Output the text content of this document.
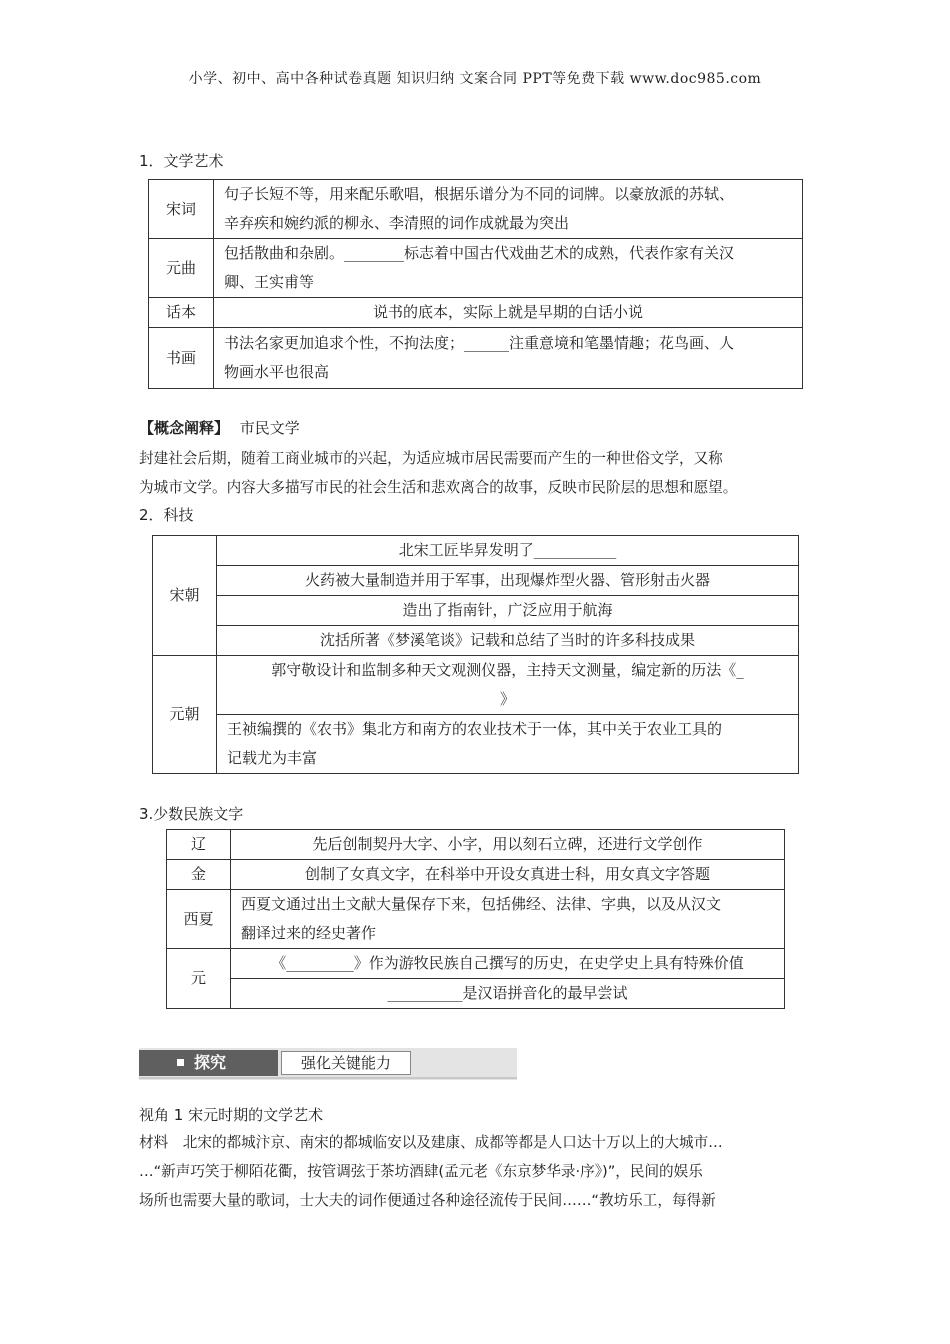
小学、初中、高中各种试卷真题 知识归纳 文案合同 PPT等免费下载 www.doc985.com
1．文学艺术
宋词	句子长短不等，用来配乐歌唱，根据乐谱分为不同的词牌。以豪放派的苏轼、
辛弃疾和婉约派的柳永、李清照的词作成就最为突出
元曲	包括散曲和杂剧。________标志着中国古代戏曲艺术的成熟，代表作家有关汉
卿、王实甫等
话本	说书的底本，实际上就是早期的白话小说
书画	书法名家更加追求个性，不拘法度；______注重意境和笔墨情趣；花鸟画、人
物画水平也很高
【概念阐释】 市民文学
封建社会后期，随着工商业城市的兴起，为适应城市居民需要而产生的一种世俗文学，又称
为城市文学。内容大多描写市民的社会生活和悲欢离合的故事，反映市民阶层的思想和愿望。
2．科技
宋朝	北宋工匠毕昇发明了___________
	火药被大量制造并用于军事，出现爆炸型火器、管形射击火器
	造出了指南针，广泛应用于航海
	沈括所著《梦溪笔谈》记载和总结了当时的许多科技成果
元朝	郭守敬设计和监制多种天文观测仪器，主持天文测量，编定新的历法《_
》
	王祯编撰的《农书》集北方和南方的农业技术于一体，其中关于农业工具的
记载尤为丰富
3.少数民族文字
辽	先后创制契丹大字、小字，用以刻石立碑，还进行文学创作
金	创制了女真文字，在科举中开设女真进士科，用女真文字答题
西夏	西夏文通过出土文献大量保存下来，包括佛经、法律、字典，以及从汉文
翻译过来的经史著作
元	《_________》作为游牧民族自己撰写的历史，在史学史上具有特殊价值
	__________是汉语拼音化的最早尝试
探究	强化关键能力
视角 1 宋元时期的文学艺术
材料　北宋的都城汴京、南宋的都城临安以及建康、成都等都是人口达十万以上的大城市…
…“新声巧笑于柳陌花衢，按管调弦于茶坊酒肆(孟元老《东京梦华录·序》)”，民间的娱乐
场所也需要大量的歌词，士大夫的词作便通过各种途径流传于民间……“教坊乐工，每得新
